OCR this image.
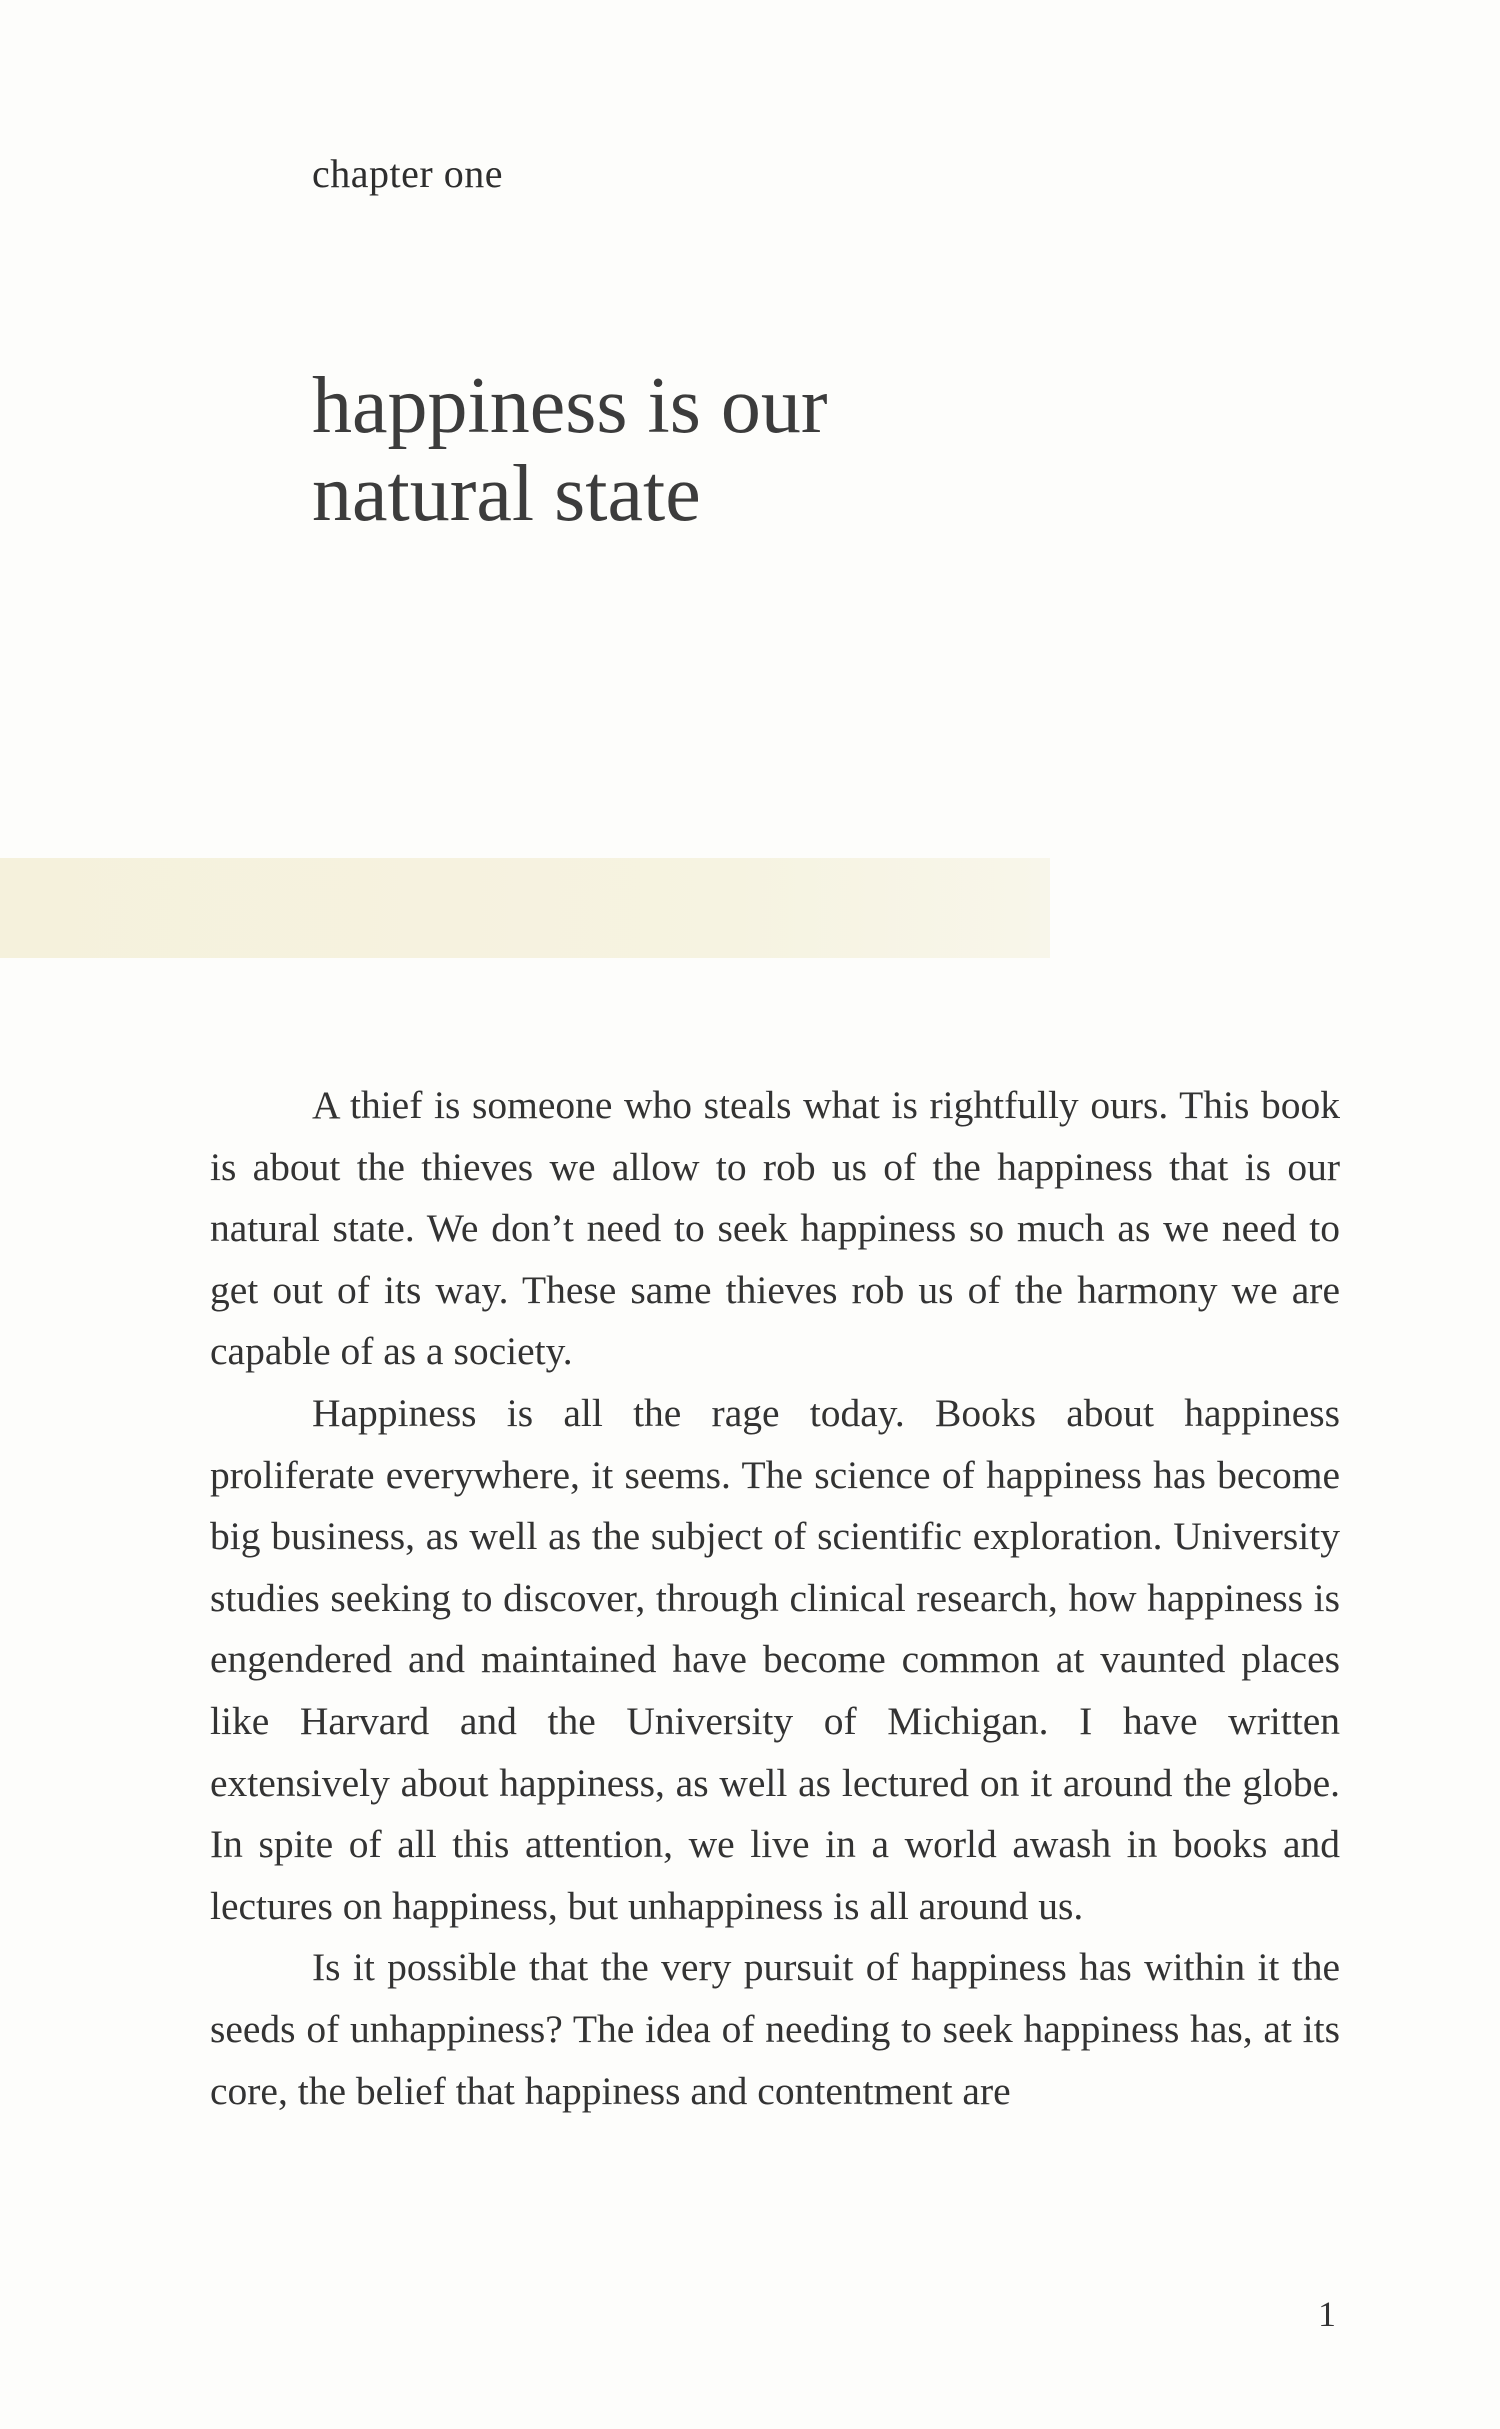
chapter one
happiness is our
natural state

A thief is someone who steals what is rightfully ours. This book is about the thieves we allow to rob us of the happiness that is our natural state. We don’t need to seek happiness so much as we need to get out of its way. These same thieves rob us of the harmony we are capable of as a society.

Happiness is all the rage today. Books about happiness proliferate everywhere, it seems. The science of happiness has become big business, as well as the subject of scientific exploration. University studies seeking to discover, through clinical research, how happiness is engendered and maintained have become common at vaunted places like Harvard and the University of Michigan. I have written extensively about happiness, as well as lectured on it around the globe. In spite of all this attention, we live in a world awash in books and lectures on happiness, but unhappiness is all around us.

Is it possible that the very pursuit of happiness has within it the seeds of unhappiness? The idea of needing to seek happiness has, at its core, the belief that happiness and contentment are

1
